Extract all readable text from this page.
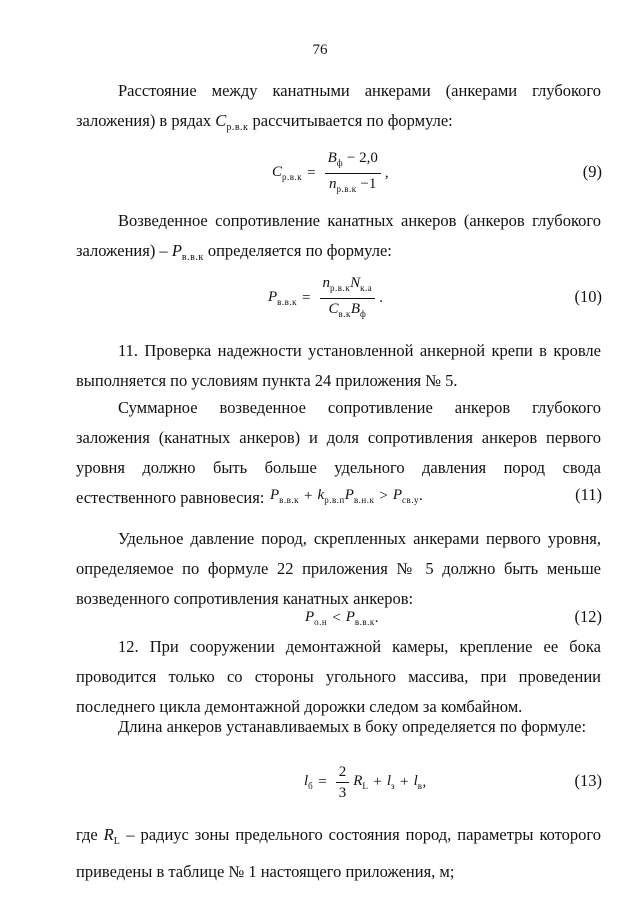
76
Расстояние между канатными анкерами (анкерами глубокого заложения) в рядах $C_{р.в.к}$ рассчитывается по формуле:
$C_{р.в.к} = \frac{B_ф - 2,0}{n_{р.в.к} -1}$ ,	(9)
Возведенное сопротивление канатных анкеров (анкеров глубокого заложения) – $P_{в.в.к}$ определяется по формуле:
$P_{в.в.к} = \frac{n_{р.в.к}N_{к.а}}{C_{в.к}B_ф}$ .	(10)
11. Проверка надежности установленной анкерной крепи в кровле выполняется по условиям пункта 24 приложения № 5.
Суммарное возведенное сопротивление анкеров глубокого заложения (канатных анкеров) и доля сопротивления анкеров первого уровня должно быть больше удельного давления пород свода естественного равновесия: $P_{в.в.к} + k_{р.в.п}$ $P_{в.н.к} > P_{св.у}$ .	(11)
Удельное давление пород, скрепленных анкерами первого уровня, определяемое по формуле 22 приложения № 5 должно быть меньше возведенного сопротивления канатных анкеров:
$P_{о.н} < P_{в.в.к}$ .	(12)
12. При сооружении демонтажной камеры, крепление ее бока проводится только со стороны угольного массива, при проведении последнего цикла демонтажной дорожки следом за комбайном.
Длина анкеров устанавливаемых в боку определяется по формуле:
$l_б = \frac{2}{3} R_L + l_з + l_в$ ,	(13)
где $R_L$ – радиус зоны предельного состояния пород, параметры которого приведены в таблице № 1 настоящего приложения, м;
